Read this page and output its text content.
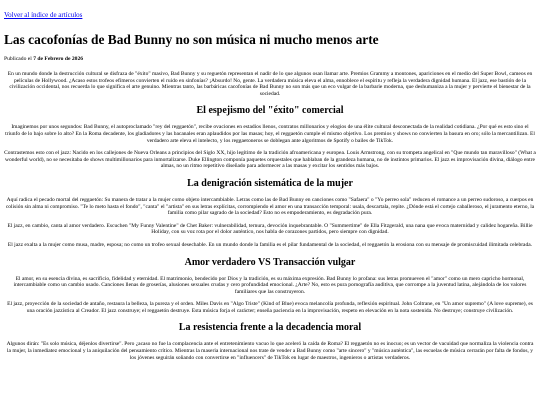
Volver al índice de artículos
Las cacofonías de Bad Bunny no son música ni mucho menos arte
Publicado el 7 de Febrero de 2026

En un mundo donde la destrucción cultural se disfraza de "éxito" masivo, Bad Bunny y su reguetón representan el nadir de lo que algunos osan llamar arte. Premios Grammy a montones, apariciones en el medio del Super Bowl, cameos en películas de Hollywood. ¿Acaso estos trofeos efímeros convierten el ruido en sinfonías? ¡Absurdo! No, gente. La verdadera música eleva el alma, ennoblece el espíritu y refleja la verdadera dignidad humana. El jazz, ese bastión de la civilización occidental, nos recuerda lo que significa el arte genuino. Mientras tanto, las barbáricas cacofonías de Bad Bunny no son más que un eco vulgar de la barbarie moderna, que deshumaniza a la mujer y pervierte el bienestar de la sociedad.

El espejismo del "éxito" comercial

Imaginemos por unos segundos: Bad Bunny, el autoproclamado "rey del reggaetón", recibe ovaciones en estadios llenos, contratos millonarios y elogios de una élite cultural desconectada de la realidad cotidiana. ¿Por qué es esto sino el triunfo de lo bajo sobre lo alto? En la Roma decadente, los gladiadores y las bacanales eran aplaudidos por las masas; hoy, el reggaetón cumple el mismo objetivo. Los premios y shows no convierten la basura en oro; sólo la mercantilizan. El verdadero arte eleva el intelecto, y los reggaetoneros se doblegan ante algoritmos de Spotify o bailes de TikTok.

Contrastemos esto con el jazz: Nacido en los callejones de Nueva Orleans a principios del Siglo XX, hijo legítimo de la tradición afroamericana y europea. Louis Armstrong, con su trompeta angelical en "Que mundo tan maravilloso" (What a wonderful world), no se necesitaba de shows multimillonarios para inmortalizarse. Duke Ellington componía paquetes orquestales que hablaban de la grandeza humana, no de instintos primarios. El jazz es improvisación divina, diálogo entre almas, no un ritmo repetitivo diseñado para adormecer a las masas y excitar los sentidos más bajos.

La denigración sistemática de la mujer

Aquí radica el pecado mortal del reggaetón: Su manera de tratar a la mujer como objeto intercambiable. Letras como las de Bad Bunny en canciones como "Safaera" o "Yo perreo sola" reducen el romance a un perreo sudoroso, a cuerpos en colisión sin alma ni compromiso. "Te lo meto hasta el fondo", "canta" el "artista" en sus letras explícitas, corrompiendo el amor en una transacción temporal: usala, descartala, repite. ¿Dónde está el cortejo caballeroso, el juramento eterno, la familia como pilar sagrado de la sociedad? Esto no es empoderamiento, es degradación pura.

El jazz, en cambio, canta al amor verdadero. Escuchen "My Funny Valentine" de Chet Baker: vulnerabilidad, ternura, devoción inquebrantable. O "Summertime" de Ella Fitzgerald, una nana que evoca maternidad y calidez hogareña. Billie Holiday, con su voz rota por el dolor auténtico, nos habla de corazones partidos, pero siempre con dignidad.

El jazz exalta a la mujer como musa, madre, esposa; no como un trofeo sexual desechable. En un mundo donde la familia es el pilar fundamental de la sociedad, el reggaetón la erosiona con su mensaje de promiscuidad ilimitada celebrada.

Amor verdadero VS Transacción vulgar

El amor, en su esencia divina, es sacrificio, fidelidad y eternidad. El matrimonio, bendecido por Dios y la tradición, es su máxima expresión. Bad Bunny lo profana: sus letras promueven el "amor" como un mero capricho hormonal, intercambiable como un cambio usado. Canciones llenas de groserías, alusiones sexuales crudas y cero profundidad emocional. ¿Arte? No, esto es pura pornografía auditiva, que corrompe a la juventud latina, alejándola de los valores familiares que las construyeron.

El jazz, proyección de la sociedad de antaño, restaura la belleza, la pureza y el orden. Miles Davis en "Algo Triste" (Kind of Blue) evoca melancolía profunda, reflexión espiritual. John Coltrane, en "Un amor supremo" (A love supreme), es una oración jazzística al Creador. El jazz construye; el reggaetón destruye. Esta música forja el carácter; enseña paciencia en la improvisación, respeto en elevación en la nota sostenida. No destruye; construye civilización.

La resistencia frente a la decadencia moral

Algunos dirán: "Es solo música, déjenlos divertirse". Pero ¿acaso no fue la complacencia ante el entretenimiento vacuo lo que aceleró la caída de Roma? El reggaetón no es inocuo; es un vector de vacuidad que normaliza la violencia contra la mujer, la inmediatez emocional y la aniquilación del pensamiento crítico. Mientras la maseria internacional nos trate de vender a Bad Bunny como "arte sincero" y "música auténtica", las escuelas de música cerrarán por falta de fondos, y los jóvenes seguirán soñando con convertirse en "influencers" de TikTok en lugar de maestros, ingenieros o artistas verdaderos.
